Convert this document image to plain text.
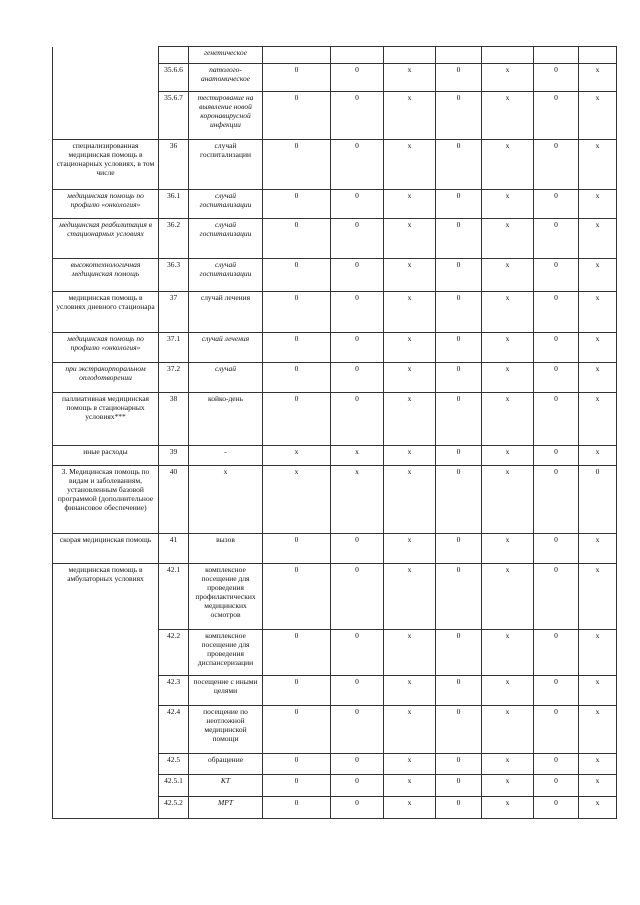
		генетическое							
	35.6.6	патолого-анатомическое	0	0	х	0	х	0	х
	35.6.7	тестирование на выявление новой коронавирусной инфекции	0	0	х	0	х	0	х
специализированная медицинская помощь в стационарных условиях, в том числе	36	случай госпитализации	0	0	х	0	х	0	х
медицинская помощь по профилю «онкология»	36.1	случай госпитализации	0	0	х	0	х	0	х
медицинская реабилитация в стационарных условиях	36.2	случай госпитализации	0	0	х	0	х	0	х
высокотехнологичная медицинская помощь	36.3	случай госпитализации	0	0	х	0	х	0	х
медицинская помощь в условиях дневного стационара	37	случай лечения	0	0	х	0	х	0	х
медицинская помощь по профилю «онкология»	37.1	случай лечения	0	0	х	0	х	0	х
при экстракорпоральном оплодотворении	37.2	случай	0	0	х	0	х	0	х
паллиативная медицинская помощь в стационарных условиях***	38	койко-день	0	0	х	0	х	0	х
иные расходы	39	-	х	х	х	0	х	0	х
3. Медицинская помощь по видам и заболеваниям, установленным базовой программой (дополнительное финансовое обеспечение)	40	х	х	х	х	0	х	0	0
скорая медицинская помощь	41	вызов	0	0	х	0	х	0	х
медицинская помощь в амбулаторных условиях	42.1	комплексное посещение для проведения профилактических медицинских осмотров	0	0	х	0	х	0	х
	42.2	комплексное посещение для проведения диспансеризации	0	0	х	0	х	0	х
	42.3	посещение с иными целями	0	0	х	0	х	0	х
	42.4	посещение по неотложной медицинской помощи	0	0	х	0	х	0	х
	42.5	обращение	0	0	х	0	х	0	х
	42.5.1	КТ	0	0	х	0	х	0	х
	42.5.2	МРТ	0	0	х	0	х	0	х
